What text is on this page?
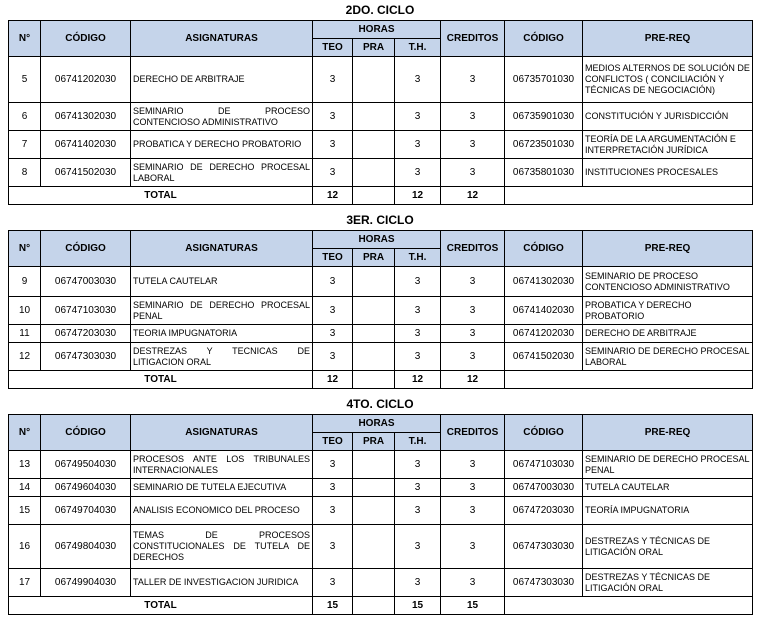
2DO. CICLO
N°	CÓDIGO	ASIGNATURAS	HORAS			CREDITOS	CÓDIGO	PRE-REQ
			TEO	PRA	T.H.			
5	06741202030	DERECHO DE ARBITRAJE	3		3	3	06735701030	MEDIOS ALTERNOS DE SOLUCIÓN DE CONFLICTOS ( CONCILIACIÓN Y TÉCNICAS DE NEGOCIACIÓN)
6	06741302030	SEMINARIO DE PROCESO CONTENCIOSO ADMINISTRATIVO	3		3	3	06735901030	CONSTITUCIÓN Y JURISDICCIÓN
7	06741402030	PROBATICA Y DERECHO PROBATORIO	3		3	3	06723501030	TEORÍA DE LA ARGUMENTACIÓN E INTERPRETACIÓN JURÍDICA
8	06741502030	SEMINARIO DE DERECHO PROCESAL LABORAL	3		3	3	06735801030	INSTITUCIONES PROCESALES
TOTAL			12		12	12		
3ER. CICLO
N°	CÓDIGO	ASIGNATURAS	HORAS			CREDITOS	CÓDIGO	PRE-REQ
			TEO	PRA	T.H.			
9	06747003030	TUTELA CAUTELAR	3		3	3	06741302030	SEMINARIO DE PROCESO CONTENCIOSO ADMINISTRATIVO
10	06747103030	SEMINARIO DE DERECHO PROCESAL PENAL	3		3	3	06741402030	PROBATICA Y DERECHO PROBATORIO
11	06747203030	TEORIA IMPUGNATORIA	3		3	3	06741202030	DERECHO DE ARBITRAJE
12	06747303030	DESTREZAS Y TECNICAS DE LITIGACION ORAL	3		3	3	06741502030	SEMINARIO DE DERECHO PROCESAL LABORAL
TOTAL			12		12	12		
4TO. CICLO
N°	CÓDIGO	ASIGNATURAS	HORAS			CREDITOS	CÓDIGO	PRE-REQ
			TEO	PRA	T.H.			
13	06749504030	PROCESOS ANTE LOS TRIBUNALES INTERNACIONALES	3		3	3	06747103030	SEMINARIO DE DERECHO PROCESAL PENAL
14	06749604030	SEMINARIO DE TUTELA EJECUTIVA	3		3	3	06747003030	TUTELA CAUTELAR
15	06749704030	ANALISIS ECONOMICO DEL PROCESO	3		3	3	06747203030	TEORÍA IMPUGNATORIA
16	06749804030	TEMAS DE PROCESOS CONSTITUCIONALES DE TUTELA DE DERECHOS	3		3	3	06747303030	DESTREZAS Y TÉCNICAS DE LITIGACIÓN ORAL
17	06749904030	TALLER DE INVESTIGACION JURIDICA	3		3	3	06747303030	DESTREZAS Y TÉCNICAS DE LITIGACIÓN ORAL
TOTAL			15		15	15		
